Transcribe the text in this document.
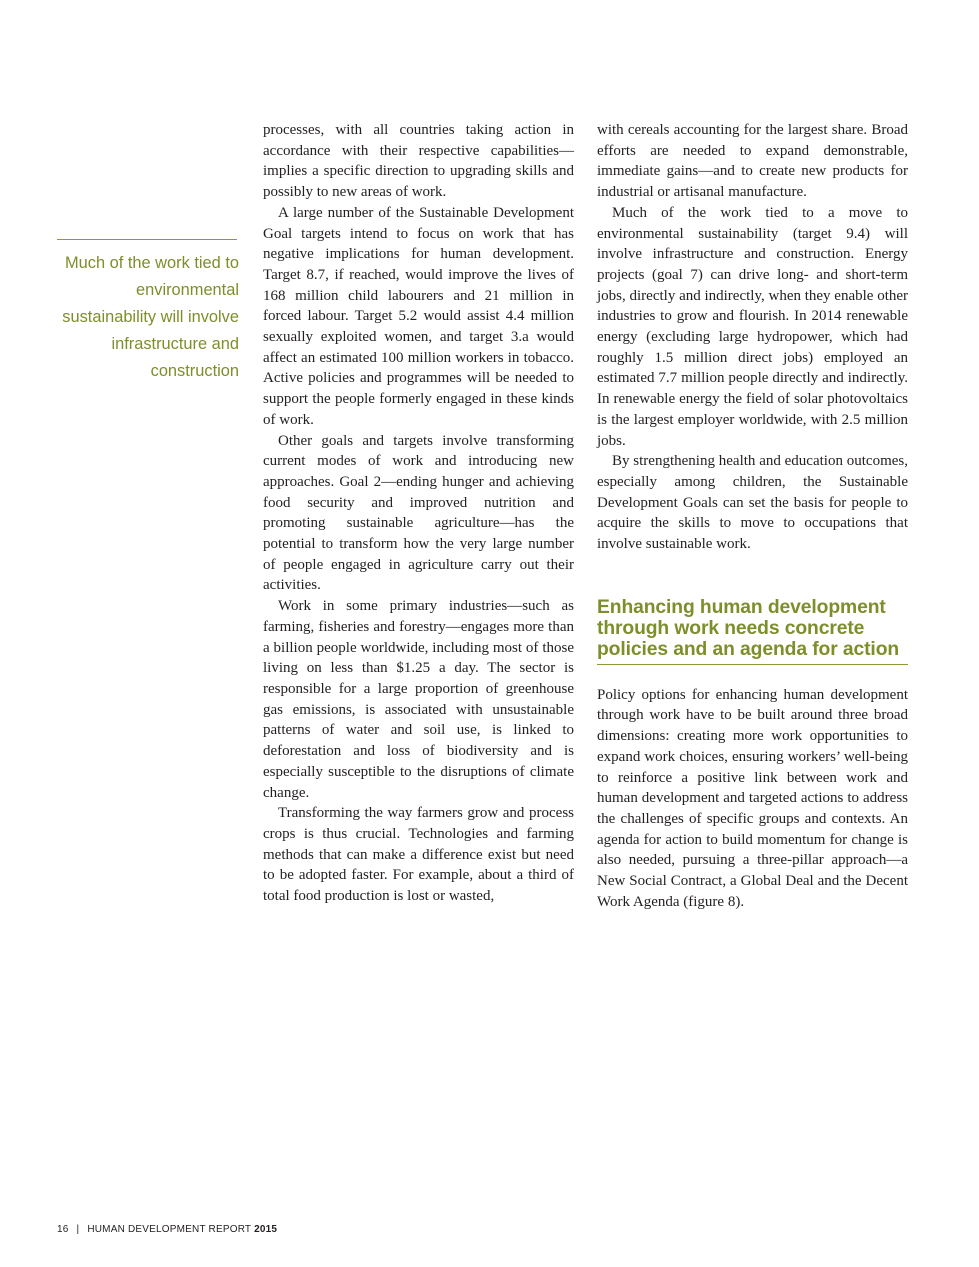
Much of the work tied to environmental sustainability will involve infrastructure and construction

processes, with all countries taking action in accordance with their respective capabilities—implies a specific direction to upgrading skills and possibly to new areas of work.

A large number of the Sustainable Development Goal targets intend to focus on work that has negative implications for human development. Target 8.7, if reached, would improve the lives of 168 million child labourers and 21 million in forced labour. Target 5.2 would assist 4.4 million sexually exploited women, and target 3.a would affect an estimated 100 million workers in tobacco. Active policies and programmes will be needed to support the people formerly engaged in these kinds of work.

Other goals and targets involve transforming current modes of work and introducing new approaches. Goal 2—ending hunger and achieving food security and improved nutrition and promoting sustainable agriculture—has the potential to transform how the very large number of people engaged in agriculture carry out their activities.

Work in some primary industries—such as farming, fisheries and forestry—engages more than a billion people worldwide, including most of those living on less than $1.25 a day. The sector is responsible for a large proportion of greenhouse gas emissions, is associated with unsustainable patterns of water and soil use, is linked to deforestation and loss of biodiversity and is especially susceptible to the disruptions of climate change.

Transforming the way farmers grow and process crops is thus crucial. Technologies and farming methods that can make a difference exist but need to be adopted faster. For example, about a third of total food production is lost or wasted,

with cereals accounting for the largest share. Broad efforts are needed to expand demonstrable, immediate gains—and to create new products for industrial or artisanal manufacture.

Much of the work tied to a move to environmental sustainability (target 9.4) will involve infrastructure and construction. Energy projects (goal 7) can drive long- and short-term jobs, directly and indirectly, when they enable other industries to grow and flourish. In 2014 renewable energy (excluding large hydropower, which had roughly 1.5 million direct jobs) employed an estimated 7.7 million people directly and indirectly. In renewable energy the field of solar photovoltaics is the largest employer worldwide, with 2.5 million jobs.

By strengthening health and education outcomes, especially among children, the Sustainable Development Goals can set the basis for people to acquire the skills to move to occupations that involve sustainable work.

Enhancing human development through work needs concrete policies and an agenda for action

Policy options for enhancing human development through work have to be built around three broad dimensions: creating more work opportunities to expand work choices, ensuring workers’ well-being to reinforce a positive link between work and human development and targeted actions to address the challenges of specific groups and contexts. An agenda for action to build momentum for change is also needed, pursuing a three-pillar approach—a New Social Contract, a Global Deal and the Decent Work Agenda (figure 8).

16 | HUMAN DEVELOPMENT REPORT 2015
